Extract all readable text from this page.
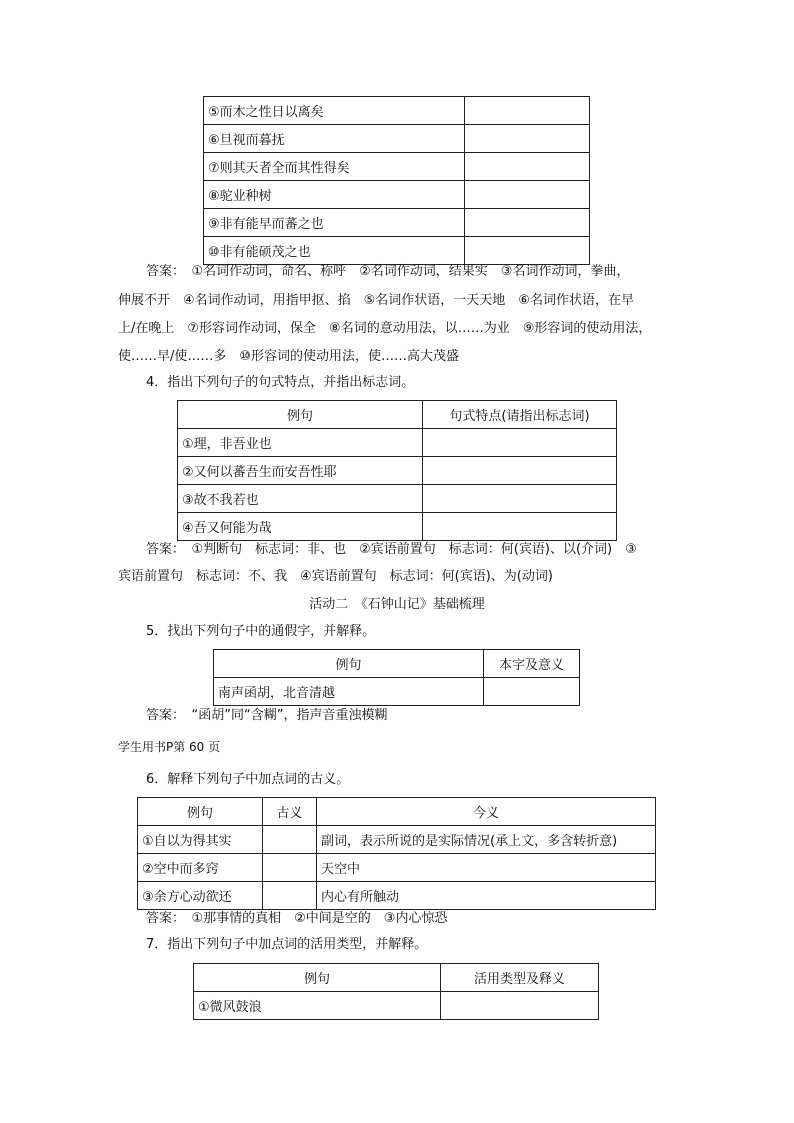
⑤而木之性日以离矣	
⑥旦视而暮抚	
⑦则其天者全而其性得矣	
⑧驼业种树	
⑨非有能早而蕃之也	
⑩非有能硕茂之也	
答案：　①名词作动词，命名、称呼　②名词作动词，结果实　③名词作动词，拳曲，
伸展不开　④名词作动词，用指甲抠、掐　⑤名词作状语，一天天地　⑥名词作状语，在早
上/在晚上　⑦形容词作动词，保全　⑧名词的意动用法，以……为业　⑨形容词的使动用法，
使……早/使……多　⑩形容词的使动用法，使……高大茂盛
4．指出下列句子的句式特点，并指出标志词。
例句	句式特点(请指出标志词)
①理，非吾业也	
②又何以蕃吾生而安吾性耶	
③故不我若也	
④吾又何能为哉	
答案：　①判断句　标志词：非、也　②宾语前置句　标志词：何(宾语)、以(介词)　③
宾语前置句　标志词：不、我　④宾语前置句　标志词：何(宾语)、为(动词)
活动二　《石钟山记》基础梳理
5．找出下列句子中的通假字，并解释。
例句	本字及意义
南声函胡，北音清越	
答案：　“函胡”同“含糊”，指声音重浊模糊
学生用书P第 60 页
6．解释下列句子中加点词的古义。
例句	古义	今义
①自以为得其实		副词，表示所说的是实际情况(承上文，多含转折意)
②空中而多窍		天空中
③余方心动欲还		内心有所触动
答案：　①那事情的真相　②中间是空的　③内心惊恐
7．指出下列句子中加点词的活用类型，并解释。
例句	活用类型及释义
①微风鼓浪	
